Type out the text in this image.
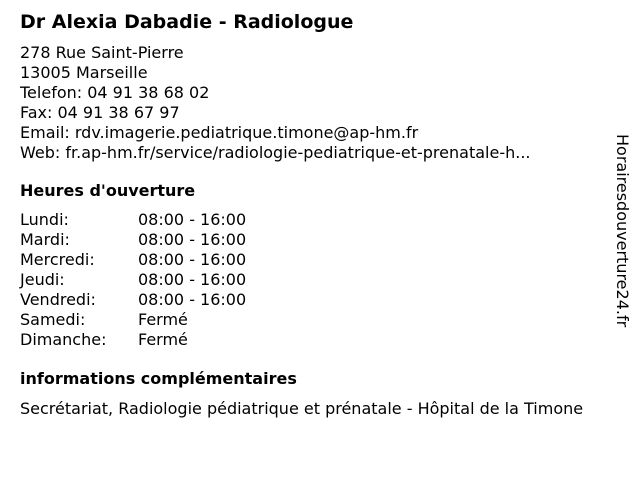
Dr Alexia Dabadie - Radiologue
278 Rue Saint-Pierre
13005 Marseille
Telefon: 04 91 38 68 02
Fax: 04 91 38 67 97
Email: rdv.imagerie.pediatrique.timone@ap-hm.fr
Web: fr.ap-hm.fr/service/radiologie-pediatrique-et-prenatale-h...
Heures d'ouverture
Lundi:	08:00 - 16:00
Mardi:	08:00 - 16:00
Mercredi:	08:00 - 16:00
Jeudi:	08:00 - 16:00
Vendredi:	08:00 - 16:00
Samedi:	Fermé
Dimanche:	Fermé
informations complémentaires
Secrétariat, Radiologie pédiatrique et prénatale - Hôpital de la Timone
Horairesdouverture24.fr
